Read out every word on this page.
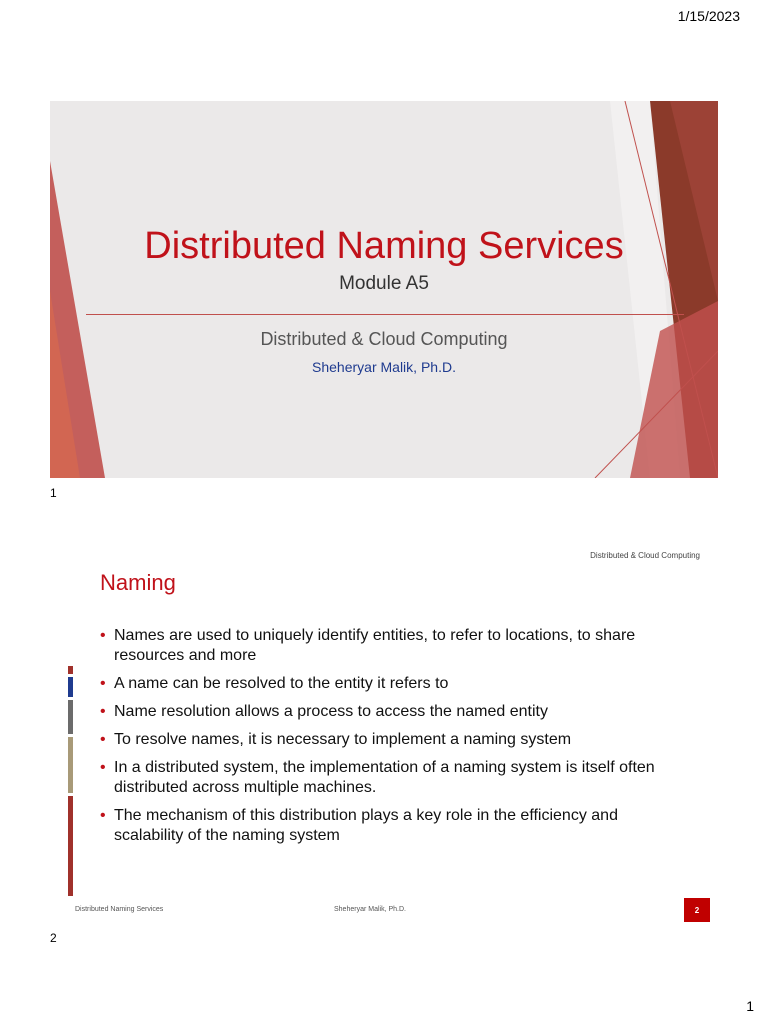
1/15/2023
Distributed Naming Services
Module A5
Distributed & Cloud Computing
Sheheryar Malik, Ph.D.
1
Distributed & Cloud Computing
Naming
• Names are used to uniquely identify entities, to refer to locations, to share resources and more
• A name can be resolved to the entity it refers to
• Name resolution allows a process to access the named entity
• To resolve names, it is necessary to implement a naming system
• In a distributed system, the implementation of a naming system is itself often distributed across multiple machines.
• The mechanism of this distribution plays a key role in the efficiency and scalability of the naming system
Distributed Naming Services	Sheheryar Malik, Ph.D.	2
2
1
